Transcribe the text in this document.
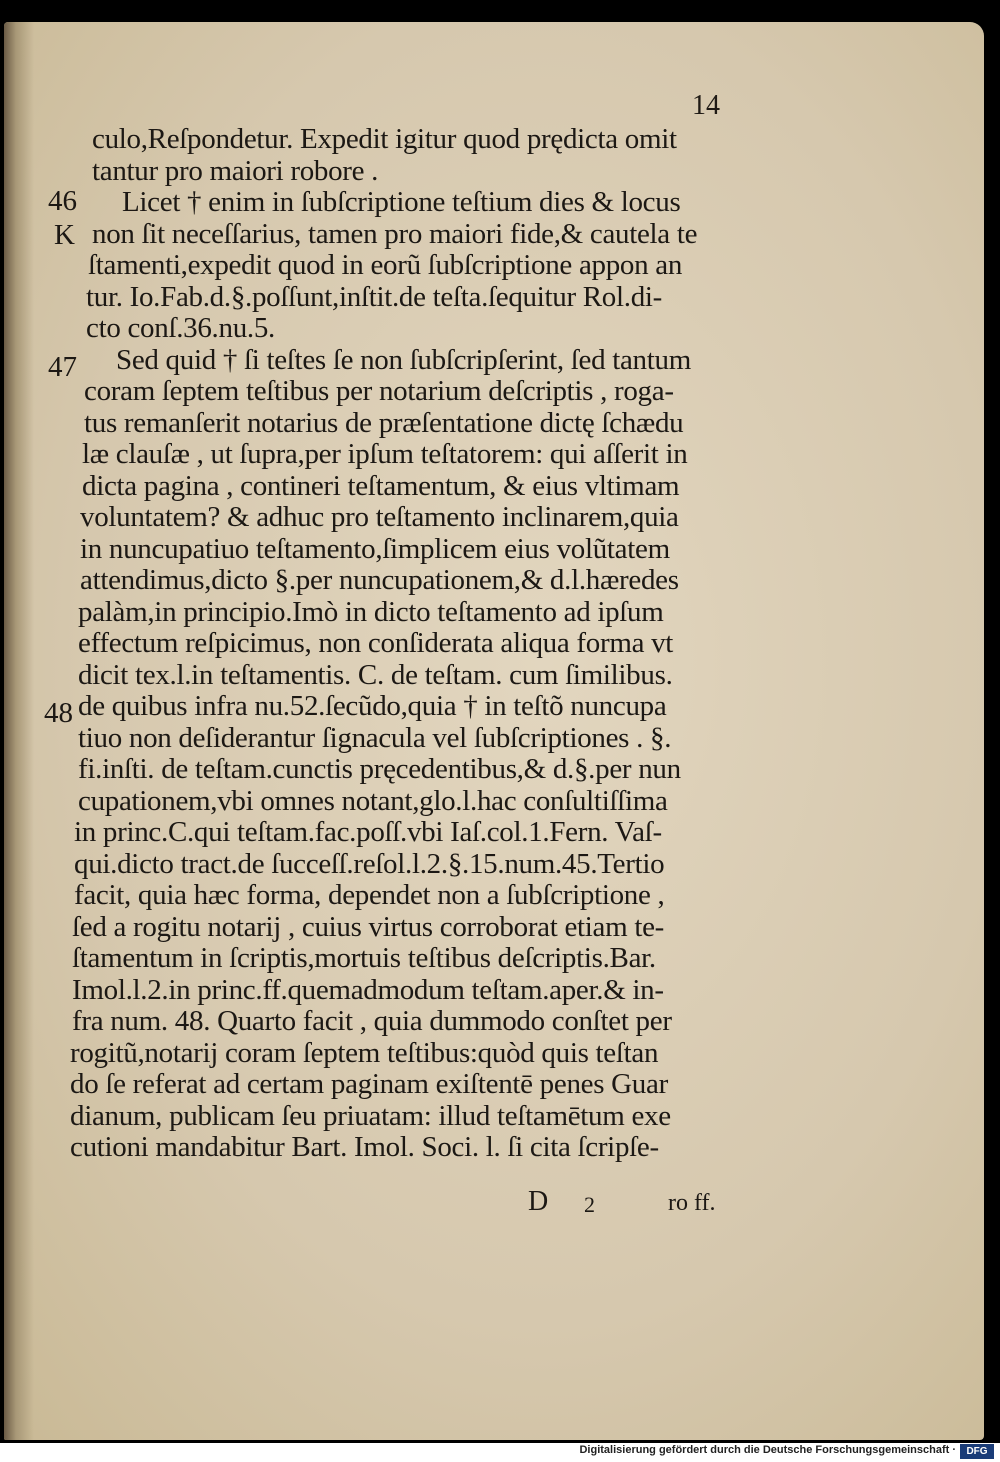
14
46
K
47
48
culo,Reſpondetur. Expedit igitur quod prędicta omit
tantur pro maiori robore .
Licet † enim in ſubſcriptione teſtium dies & locus
non ſit neceſſarius, tamen pro maiori fide,& cautela te
ſtamenti,expedit quod in eorũ ſubſcriptione appon an
tur. Io.Fab.d.§.poſſunt,inſtit.de teſta.ſequitur Rol.di-
cto conſ.36.nu.5.
Sed quid † ſi teſtes ſe non ſubſcripſerint, ſed tantum
coram ſeptem teſtibus per notarium deſcriptis , roga-
tus remanſerit notarius de præſentatione dictę ſchædu
læ clauſæ , ut ſupra,per ipſum teſtatorem: qui aſſerit in
dicta pagina , contineri teſtamentum, & eius vltimam
voluntatem? & adhuc pro teſtamento inclinarem,quia
in nuncupatiuo teſtamento,ſimplicem eius volũtatem
attendimus,dicto §.per nuncupationem,& d.l.hæredes
palàm,in principio.Imò in dicto teſtamento ad ipſum
effectum reſpicimus, non conſiderata aliqua forma vt
dicit tex.l.in teſtamentis. C. de teſtam. cum ſimilibus.
de quibus infra nu.52.ſecũdo,quia † in teſtõ nuncupa
tiuo non deſiderantur ſignacula vel ſubſcriptiones . §.
fi.inſti. de teſtam.cunctis pręcedentibus,& d.§.per nun
cupationem,vbi omnes notant,glo.l.hac conſultiſſima
in princ.C.qui teſtam.fac.poſſ.vbi Iaſ.col.1.Fern. Vaſ-
qui.dicto tract.de ſucceſſ.reſol.l.2.§.15.num.45.Tertio
facit, quia hæc forma, dependet non a ſubſcriptione ,
ſed a rogitu notarij , cuius virtus corroborat etiam te-
ſtamentum in ſcriptis,mortuis teſtibus deſcriptis.Bar.
Imol.l.2.in princ.ff.quemadmodum teſtam.aper.& in-
fra num. 48. Quarto facit , quia dummodo conſtet per
rogitũ,notarij coram ſeptem teſtibus:quòd quis teſtan
do ſe referat ad certam paginam exiſtentē penes Guar
dianum, publicam ſeu priuatam: illud teſtamētum exe
cutioni mandabitur Bart. Imol. Soci. l. ſi cita ſcripſe-
D 2	ro ff.
Digitalisierung gefördert durch die Deutsche Forschungsgemeinschaft ·	DFG
